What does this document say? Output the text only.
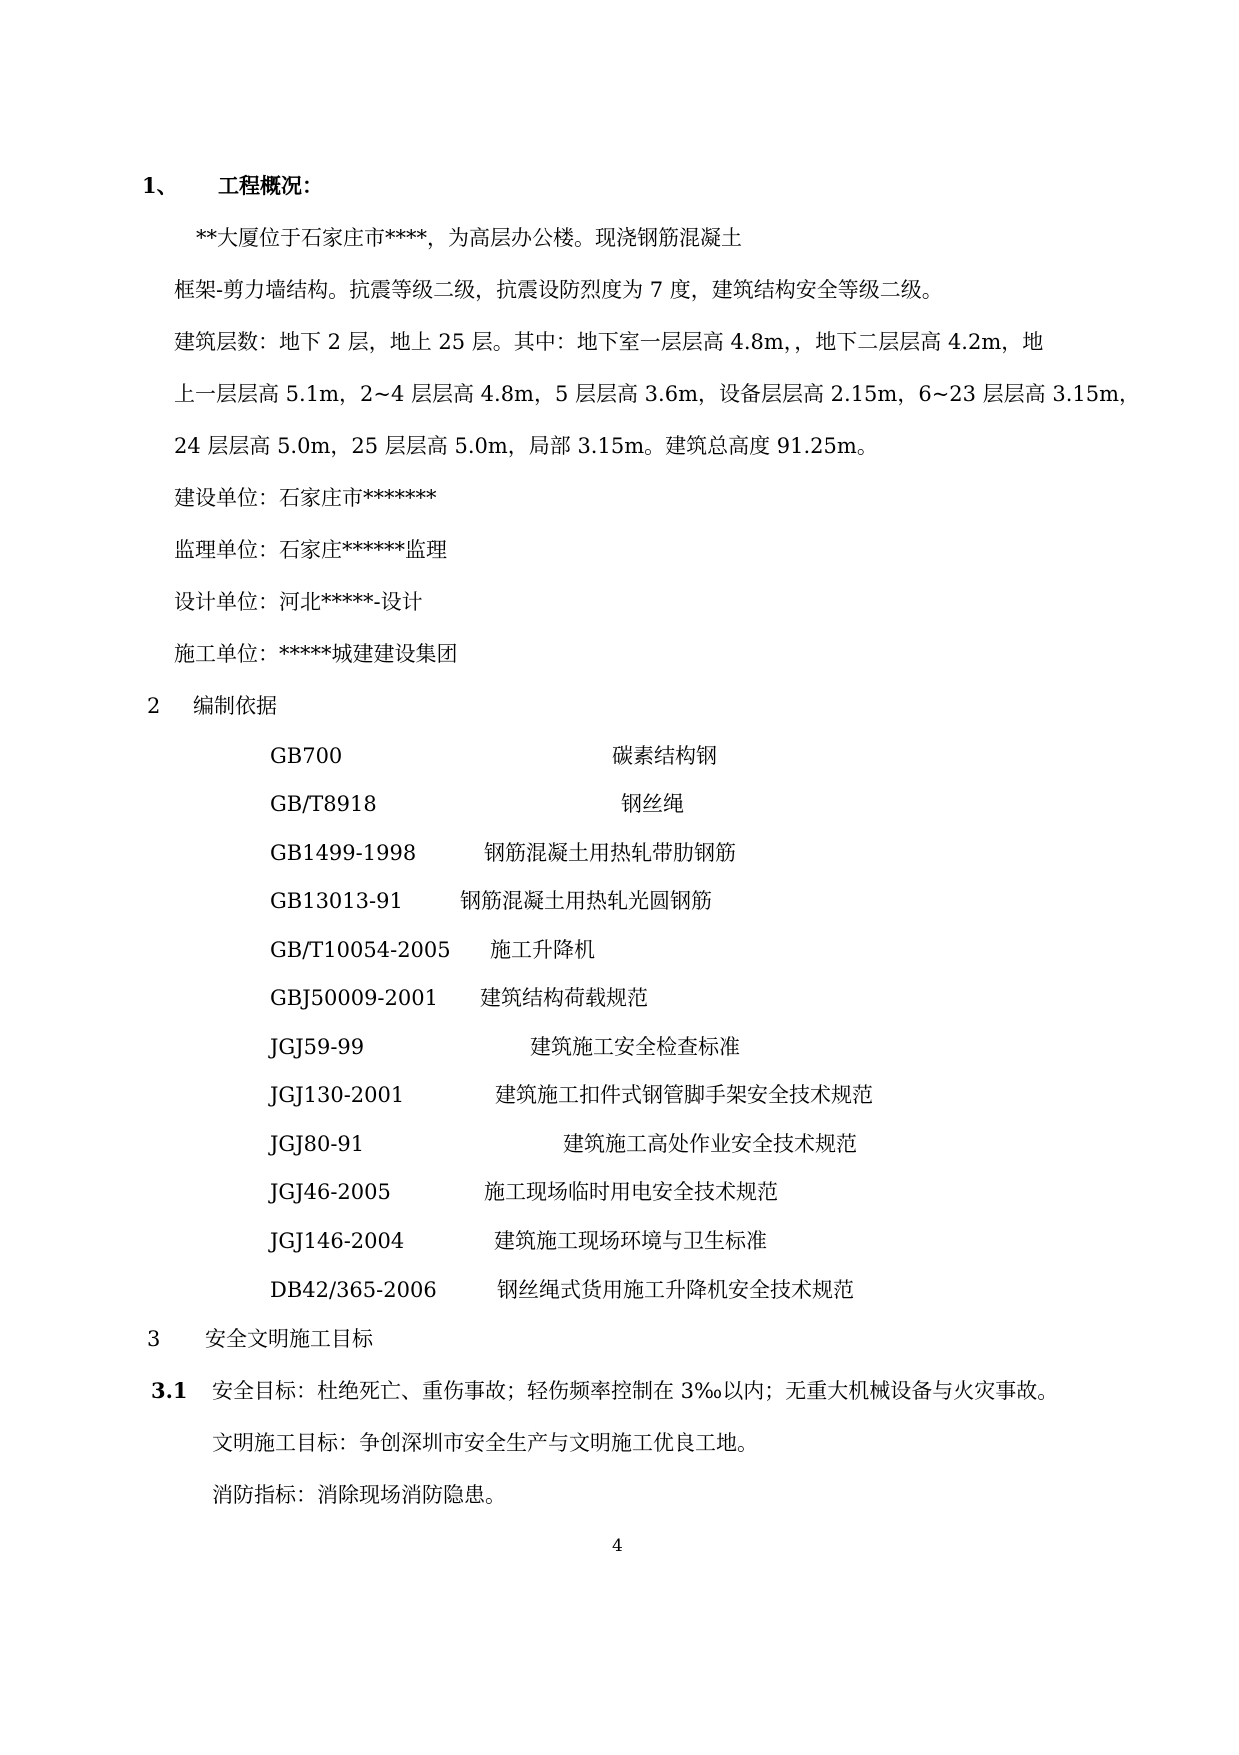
1、 工程概况：
**大厦位于石家庄市****，为高层办公楼。现浇钢筋混凝土
框架-剪力墙结构。抗震等级二级，抗震设防烈度为 7 度，建筑结构安全等级二级。
建筑层数：地下 2 层，地上 25 层。其中：地下室一层层高 4.8m，，地下二层层高 4.2m，地
上一层层高 5.1m，2~4 层层高 4.8m，5 层层高 3.6m，设备层层高 2.15m，6~23 层层高 3.15m，
24 层层高 5.0m，25 层层高 5.0m，局部 3.15m。建筑总高度 91.25m。
建设单位：石家庄市*******
监理单位：石家庄******监理
设计单位：河北*****-设计
施工单位：*****城建建设集团
2 编制依据
GB700	碳素结构钢
GB/T8918	钢丝绳
GB1499-1998	钢筋混凝土用热轧带肋钢筋
GB13013-91	钢筋混凝土用热轧光圆钢筋
GB/T10054-2005 施工升降机
GBJ50009-2001 建筑结构荷载规范
JGJ59-99	建筑施工安全检查标准
JGJ130-2001	建筑施工扣件式钢管脚手架安全技术规范
JGJ80-91	建筑施工高处作业安全技术规范
JGJ46-2005	施工现场临时用电安全技术规范
JGJ146-2004	建筑施工现场环境与卫生标准
DB42/365-2006	钢丝绳式货用施工升降机安全技术规范
3 安全文明施工目标
3.1 安全目标：杜绝死亡、重伤事故；轻伤频率控制在 3‰以内；无重大机械设备与火灾事故。
文明施工目标：争创深圳市安全生产与文明施工优良工地。
消防指标：消除现场消防隐患。
4
